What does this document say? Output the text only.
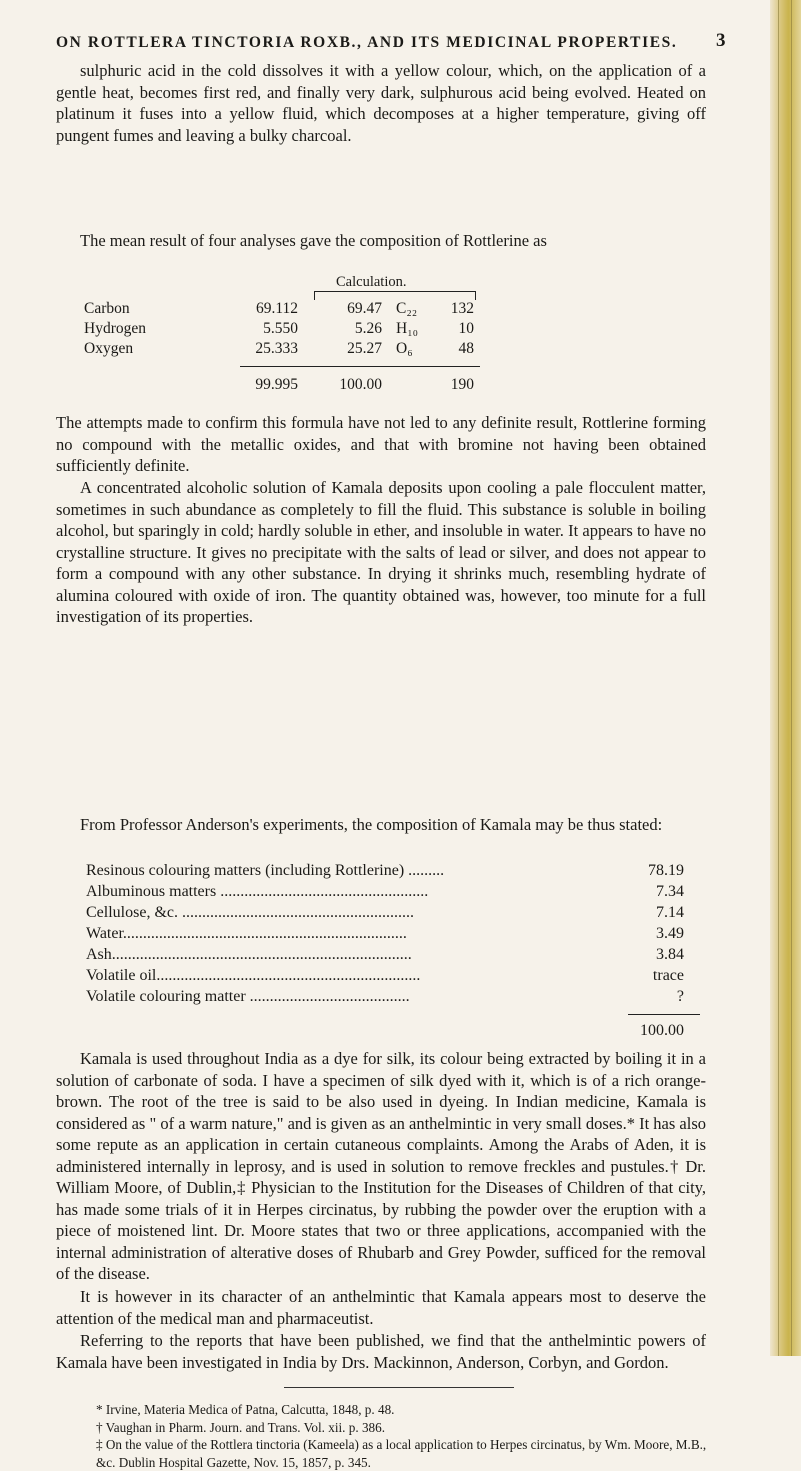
ON ROTTLERA TINCTORIA ROXB., AND ITS MEDICINAL PROPERTIES.	3

sulphuric acid in the cold dissolves it with a yellow colour, which, on the application of a gentle heat, becomes first red, and finally very dark, sulphurous acid being evolved. Heated on platinum it fuses into a yellow fluid, which decomposes at a higher temperature, giving off pungent fumes and leaving a bulky charcoal.

The mean result of four analyses gave the composition of Rottlerine as

Calculation.
Carbon	69.112	69.47 C₂₂	132
Hydrogen	5.550	5.26 H₁₀	10
Oxygen	25.333	25.27 O₆	48
99.995	100.00	190

The attempts made to confirm this formula have not led to any definite result, Rottlerine forming no compound with the metallic oxides, and that with bromine not having been obtained sufficiently definite.

A concentrated alcoholic solution of Kamala deposits upon cooling a pale flocculent matter, sometimes in such abundance as completely to fill the fluid. This substance is soluble in boiling alcohol, but sparingly in cold; hardly soluble in ether, and insoluble in water. It appears to have no crystalline structure. It gives no precipitate with the salts of lead or silver, and does not appear to form a compound with any other substance. In drying it shrinks much, resembling hydrate of alumina coloured with oxide of iron. The quantity obtained was, however, too minute for a full investigation of its properties.

From Professor Anderson's experiments, the composition of Kamala may be thus stated:

Resinous colouring matters (including Rottlerine) .........	78.19
Albuminous matters ....................................................	7.34
Cellulose, &c. ..........................................................	7.14
Water.......................................................................	3.49
Ash...........................................................................	3.84
Volatile oil..................................................................	trace
Volatile colouring matter ........................................	?
100.00

Kamala is used throughout India as a dye for silk, its colour being extracted by boiling it in a solution of carbonate of soda. I have a specimen of silk dyed with it, which is of a rich orange-brown. The root of the tree is said to be also used in dyeing. In Indian medicine, Kamala is considered as " of a warm nature," and is given as an anthelmintic in very small doses.* It has also some repute as an application in certain cutaneous complaints. Among the Arabs of Aden, it is administered internally in leprosy, and is used in solution to remove freckles and pustules.† Dr. William Moore, of Dublin,‡ Physician to the Institution for the Diseases of Children of that city, has made some trials of it in Herpes circinatus, by rubbing the powder over the eruption with a piece of moistened lint. Dr. Moore states that two or three applications, accompanied with the internal administration of alterative doses of Rhubarb and Grey Powder, sufficed for the removal of the disease.

It is however in its character of an anthelmintic that Kamala appears most to deserve the attention of the medical man and pharmaceutist.

Referring to the reports that have been published, we find that the anthelmintic powers of Kamala have been investigated in India by Drs. Mackinnon, Anderson, Corbyn, and Gordon.

* Irvine, Materia Medica of Patna, Calcutta, 1848, p. 48.

† Vaughan in Pharm. Journ. and Trans. Vol. xii. p. 386.

‡ On the value of the Rottlera tinctoria (Kameela) as a local application to Herpes circinatus, by Wm. Moore, M.B., &c. Dublin Hospital Gazette, Nov. 15, 1857, p. 345.
